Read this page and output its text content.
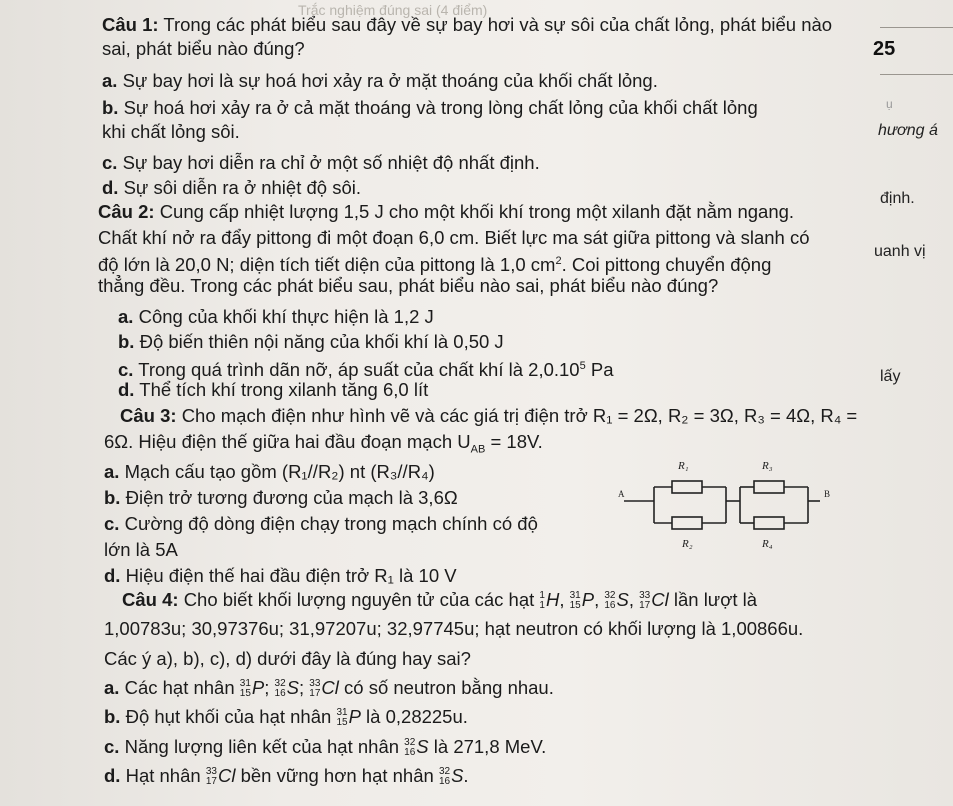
Trắc nghiệm đúng sai (4 điểm)
25
ụ
hương á
định.
uanh vị
lấy
Câu 1: Trong các phát biểu sau đây về sự bay hơi và sự sôi của chất lỏng, phát biểu nào
sai, phát biểu nào đúng?
a. Sự bay hơi là sự hoá hơi xảy ra ở mặt thoáng của khối chất lỏng.
b. Sự hoá hơi xảy ra ở cả mặt thoáng và trong lòng chất lỏng của khối chất lỏng
khi chất lỏng sôi.
c. Sự bay hơi diễn ra chỉ ở một số nhiệt độ nhất định.
d. Sự sôi diễn ra ở nhiệt độ sôi.
Câu 2: Cung cấp nhiệt lượng 1,5 J cho một khối khí trong một xilanh đặt nằm ngang.
Chất khí nở ra đẩy pittong đi một đoạn 6,0 cm. Biết lực ma sát giữa pittong và slanh có
độ lớn là 20,0 N; diện tích tiết diện của pittong là 1,0 $cm^2$. Coi pittong chuyển động
thẳng đều. Trong các phát biểu sau, phát biểu nào sai, phát biểu nào đúng?
a. Công của khối khí thực hiện là 1,2 J
b. Độ biến thiên nội năng của khối khí là 0,50 J
c. Trong quá trình dãn nỡ, áp suất của chất khí là 2,0.10$^5$ Pa
d. Thể tích khí trong xilanh tăng 6,0 lít
Câu 3: Cho mạch điện như hình vẽ và các giá trị điện trở R₁ = 2Ω, R₂ = 3Ω, R₃ = 4Ω, R₄ =
6Ω. Hiệu điện thế giữa hai đầu đoạn mạch $U_{AB} = 18V$.
a. Mạch cấu tạo gồm (R₁//R₂) nt (R₃//R₄)
b. Điện trở tương đương của mạch là 3,6Ω
c. Cường độ dòng điện chạy trong mạch chính có độ
lớn là 5A
d. Hiệu điện thế hai đầu điện trở R₁ là 10 V
R₁	R₃
R₂	R₄
A	B
Câu 4: Cho biết khối lượng nguyên tử của các hạt 1
1 H, 31
15 P, 32
16 S, 33
17 Cl lần lượt là
1,00783u; 30,97376u; 31,97207u; 32,97745u; hạt neutron có khối lượng là 1,00866u.
Các ý a), b), c), d) dưới đây là đúng hay sai?
a. Các hạt nhân 31
15 P; 32
16 S; 33
17 Cl có số neutron bằng nhau.
b. Độ hụt khối của hạt nhân 31
15 P là 0,28225u.
c. Năng lượng liên kết của hạt nhân 32
16 S là 271,8 MeV.
d. Hạt nhân 33
17 Cl bền vững hơn hạt nhân 32
16 S.
